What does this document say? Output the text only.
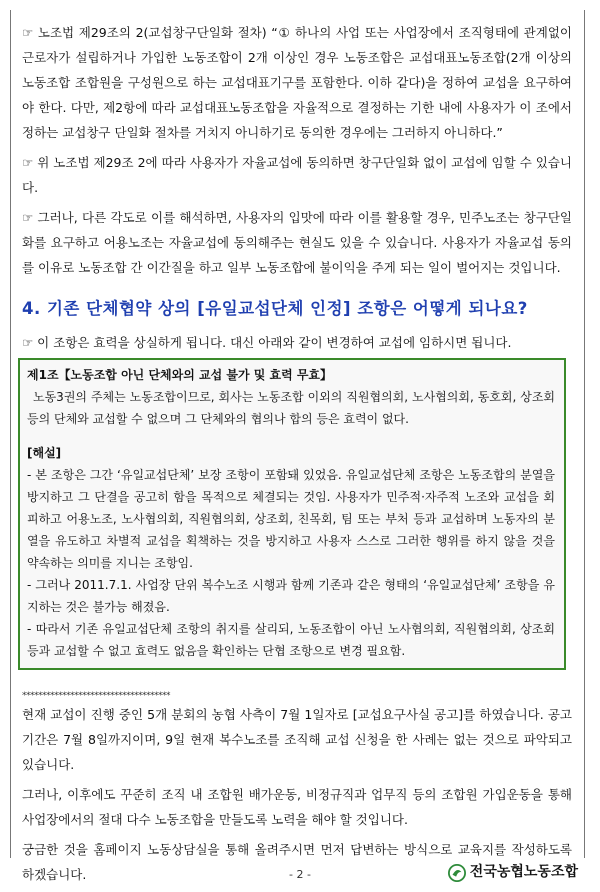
☞ 노조법 제29조의 2(교섭창구단일화 절차) “① 하나의 사업 또는 사업장에서 조직형태에 관계없이 근로자가 설립하거나 가입한 노동조합이 2개 이상인 경우 노동조합은 교섭대표노동조합(2개 이상의 노동조합 조합원을 구성원으로 하는 교섭대표기구를 포함한다. 이하 같다)을 정하여 교섭을 요구하여야 한다. 다만, 제2항에 따라 교섭대표노동조합을 자율적으로 결정하는 기한 내에 사용자가 이 조에서 정하는 교섭창구 단일화 절차를 거치지 아니하기로 동의한 경우에는 그러하지 아니하다.”

☞ 위 노조법 제29조 2에 따라 사용자가 자율교섭에 동의하면 창구단일화 없이 교섭에 임할 수 있습니다.

☞ 그러나, 다른 각도로 이를 해석하면, 사용자의 입맛에 따라 이를 활용할 경우, 민주노조는 창구단일화를 요구하고 어용노조는 자율교섭에 동의해주는 현실도 있을 수 있습니다. 사용자가 자율교섭 동의를 이유로 노동조합 간 이간질을 하고 일부 노동조합에 불이익을 주게 되는 일이 벌어지는 것입니다.

4. 기존 단체협약 상의 [유일교섭단체 인정] 조항은 어떻게 되나요?

☞ 이 조항은 효력을 상실하게 됩니다. 대신 아래와 같이 변경하여 교섭에 임하시면 됩니다.

제1조【노동조합 아닌 단체와의 교섭 불가 및 효력 무효】

노동3권의 주체는 노동조합이므로, 회사는 노동조합 이외의 직원협의회, 노사협의회, 동호회, 상조회 등의 단체와 교섭할 수 없으며 그 단체와의 협의나 합의 등은 효력이 없다.

[해설]

- 본 조항은 그간 ‘유일교섭단체’ 보장 조항이 포함돼 있었음. 유일교섭단체 조항은 노동조합의 분열을 방지하고 그 단결을 공고히 함을 목적으로 체결되는 것임. 사용자가 민주적·자주적 노조와 교섭을 회피하고 어용노조, 노사협의회, 직원협의회, 상조회, 친목회, 팀 또는 부처 등과 교섭하며 노동자의 분열을 유도하고 차별적 교섭을 획책하는 것을 방지하고 사용자 스스로 그러한 행위를 하지 않을 것을 약속하는 의미를 지니는 조항임.

- 그러나 2011.7.1. 사업장 단위 복수노조 시행과 함께 기존과 같은 형태의 ‘유일교섭단체’ 조항을 유지하는 것은 불가능 해졌음.

- 따라서 기존 유일교섭단체 조항의 취지를 살리되, 노동조합이 아닌 노사협의회, 직원협의회, 상조회 등과 교섭할 수 없고 효력도 없음을 확인하는 단협 조항으로 변경 필요함.

*************************************

현재 교섭이 진행 중인 5개 분회의 농협 사측이 7월 1일자로 [교섭요구사실 공고]를 하였습니다. 공고 기간은 7월 8일까지이며, 9일 현재 복수노조를 조직해 교섭 신청을 한 사례는 없는 것으로 파악되고 있습니다.

그러나, 이후에도 꾸준히 조직 내 조합원 배가운동, 비정규직과 업무직 등의 조합원 가입운동을 통해 사업장에서의 절대 다수 노동조합을 만들도록 노력을 해야 할 것입니다.

궁금한 것을 홈페이지 노동상담실을 통해 올려주시면 먼저 답변하는 방식으로 교육지를 작성하도록 하겠습니다.	- 2 -	전국농협노동조합
